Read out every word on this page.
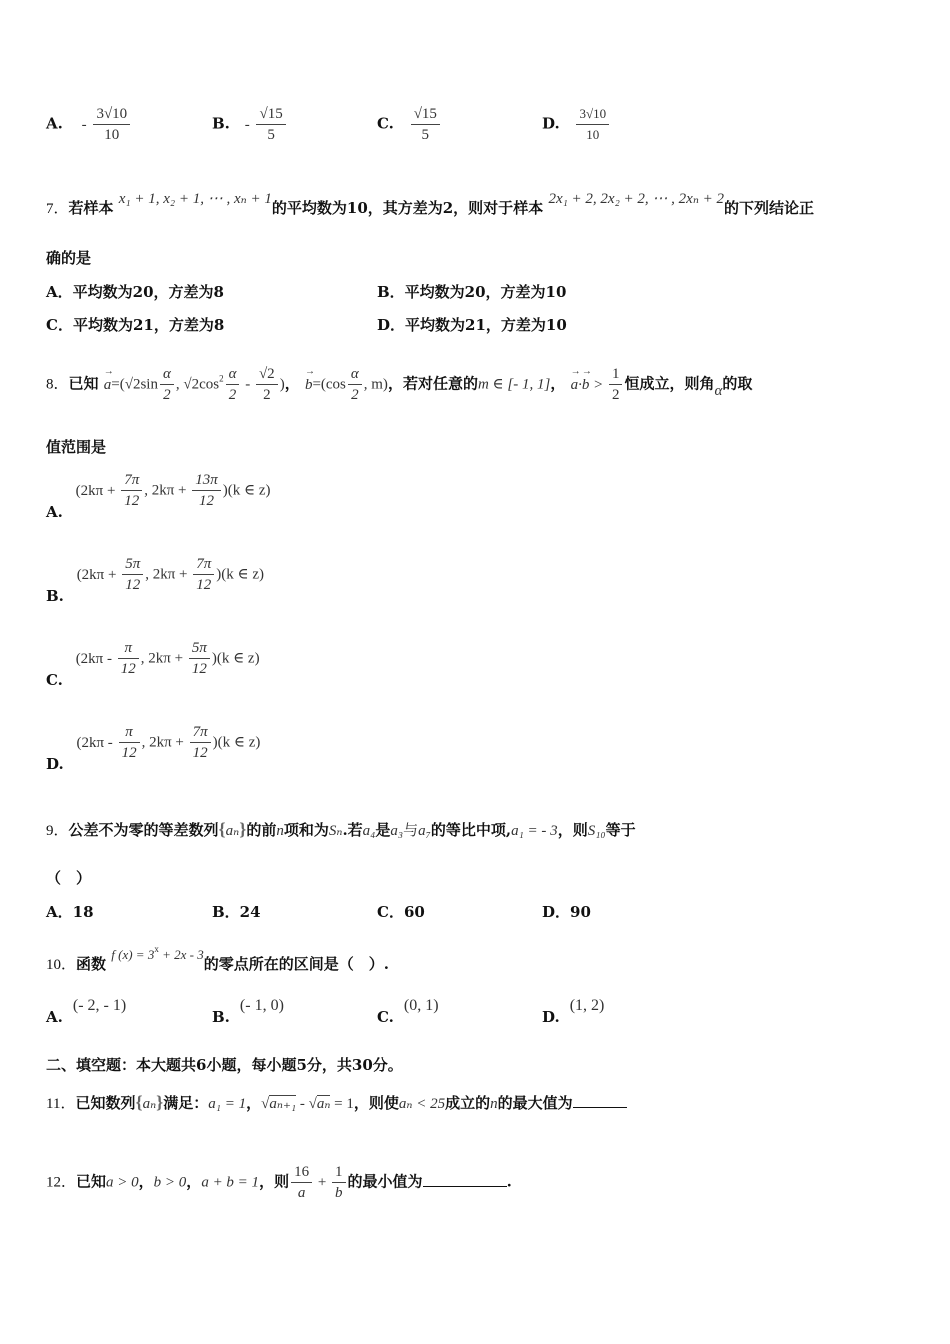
A. - $\frac{3√10}{10}$	B. - $\frac{√15}{5}$	C. $\frac{√15}{5}$	D. $\frac{3√10}{10}$
7．若样本 x₁ + 1, x₂ + 1, ⋯ , xₙ + 1的平均数为10，其方差为2，则对于样本 2x₁ + 2, 2x₂ + 2, ⋯ , 2xₙ + 2的下列结论正
确的是
A．平均数为20，方差为8	B．平均数为20，方差为10
C．平均数为21，方差为8	D．平均数为21，方差为10
8．已知 → $a=(√2\sin \frac{\alpha}{2}$ , $√2\cos^2 \frac{\alpha}{2} - \frac{√2}{2}$ )， → $b=(\cos \frac{\alpha}{2}$ , m)，若对任意的m ∈ [- 1, 1]， → $a\cdot\to b > \frac{1}{2}$ 恒成立，则角α的取
值范围是
A. ($2k\pi + \frac{7\pi}{12}$ , $2k\pi + \frac{13\pi}{12} )(k$ ∈ z)
B. ($2k\pi + \frac{5\pi}{12}$ , $2k\pi + \frac{7\pi}{12} )(k$ ∈ z)
C. ($2k\pi - \frac{\pi}{12}$ , $2k\pi + \frac{5\pi}{12} )(k$ ∈ z)
D. ($2k\pi - \frac{\pi}{12}$ , $2k\pi + \frac{7\pi}{12} )(k$ ∈ z)
9．公差不为零的等差数列{aₙ}的前n项和为Sₙ.若a₄是a₃与a₇的等比中项,a₁ = - 3，则S₁₀等于
（　）
A．18	B．24	C．60	D．90
10．函数 f $(x) = 3^x + 2x - 3$的零点所在的区间是（　）.
A.(- 2, - 1)
B.(- 1, 0)
C.(0, 1)
D.(1, 2)
二、填空题：本大题共6小题，每小题5分，共30分。
11．已知数列{aₙ}满足：a₁ = 1，√aₙ₊₁ - √aₙ = 1，则使aₙ < 25成立的n的最大值为
12．已知a > 0，b > 0，a + b = 1，则 $\frac{16}{a} + \frac{1}{b}$ 的最小值为	.
